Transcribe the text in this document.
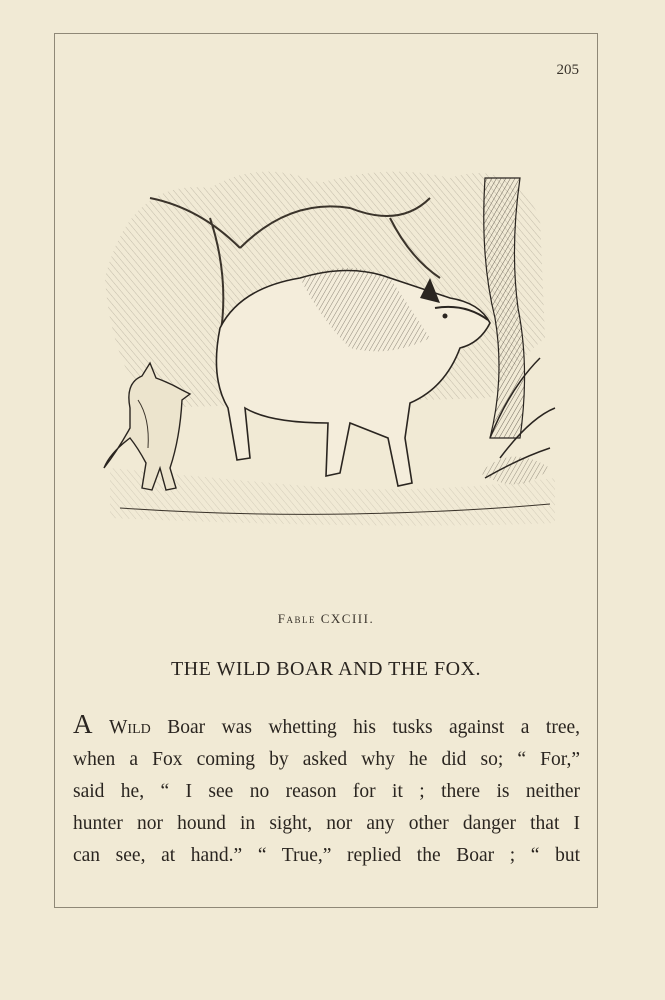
205
Fable CXCIII.
THE WILD BOAR AND THE FOX.
A Wild Boar was whetting his tusks against a tree,
when a Fox coming by asked why he did so; “ For,”
said he, “ I see no reason for it ; there is neither
hunter nor hound in sight, nor any other danger that I
can see, at hand.” “ True,” replied the Boar ; “ but
